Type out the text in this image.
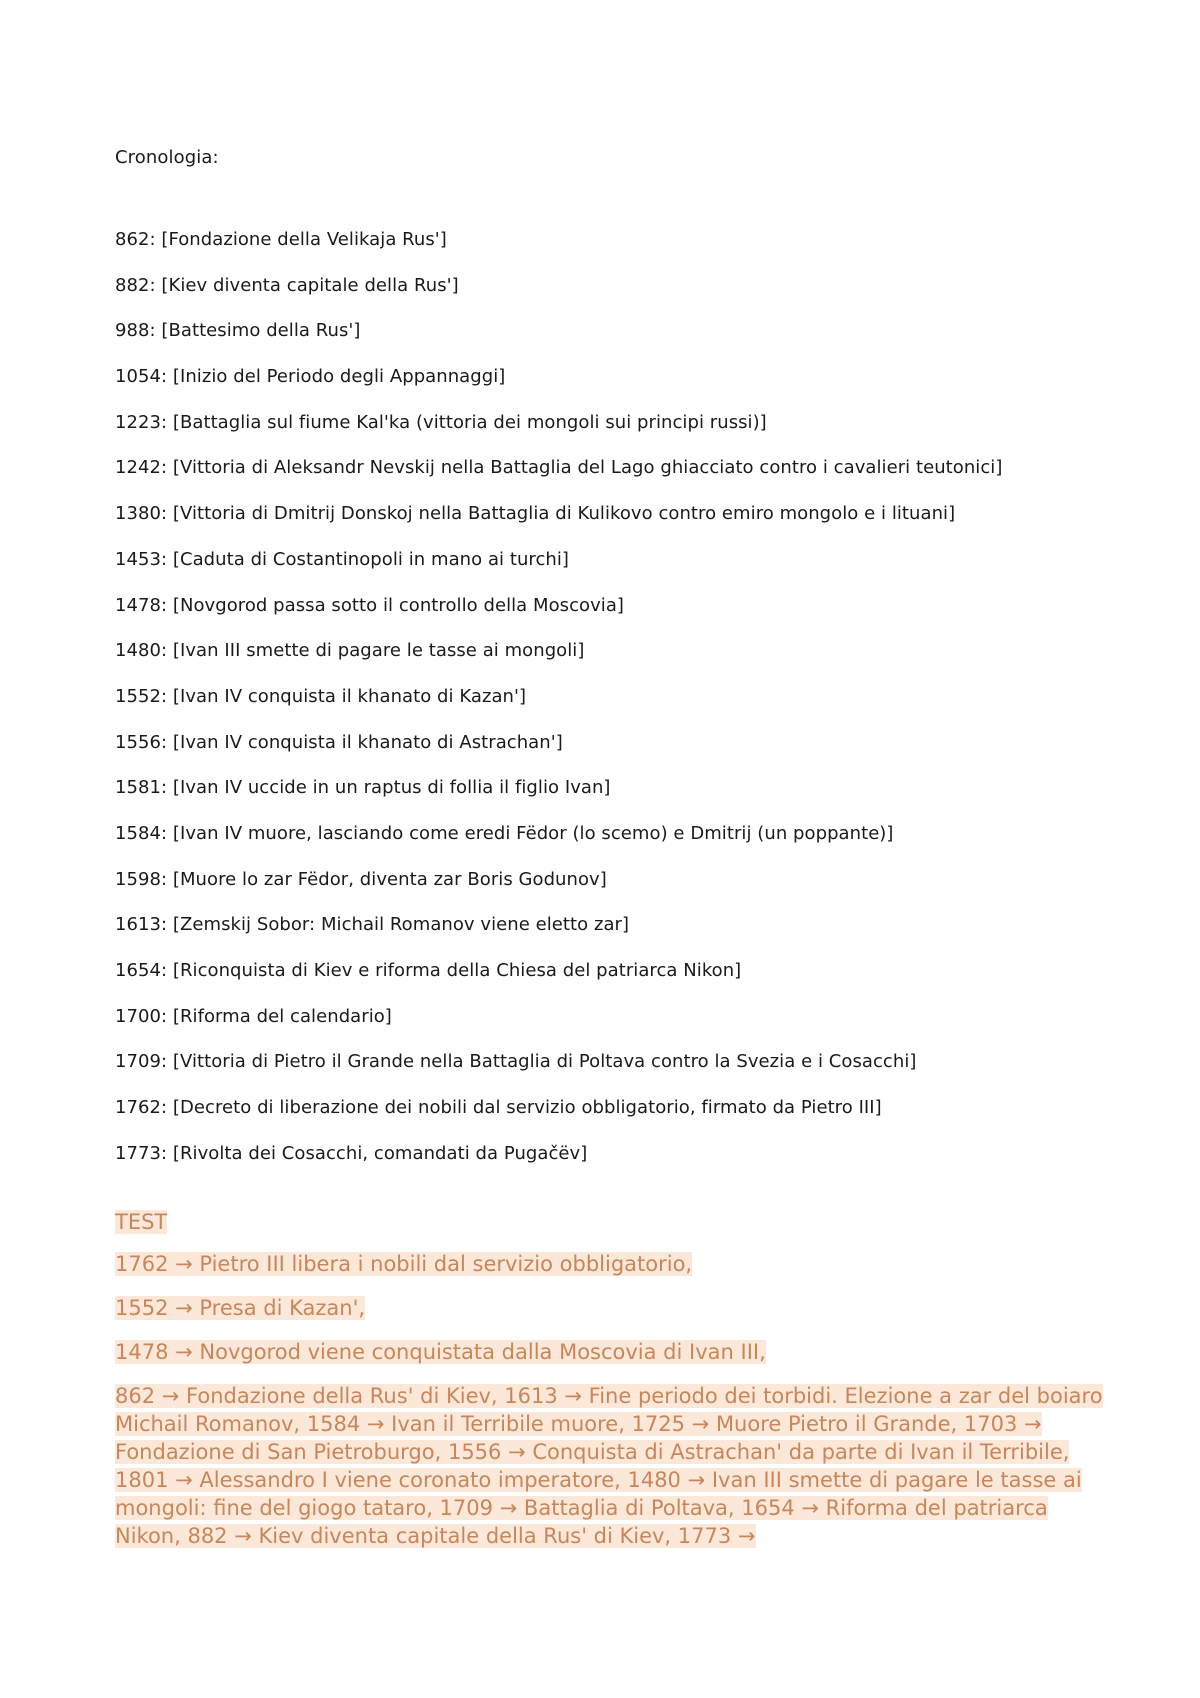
Cronologia:
862: [Fondazione della Velikaja Rus']
882: [Kiev diventa capitale della Rus']
988: [Battesimo della Rus']
1054: [Inizio del Periodo degli Appannaggi]
1223: [Battaglia sul fiume Kal'ka (vittoria dei mongoli sui principi russi)]
1242: [Vittoria di Aleksandr Nevskij nella Battaglia del Lago ghiacciato contro i cavalieri teutonici]
1380: [Vittoria di Dmitrij Donskoj nella Battaglia di Kulikovo contro emiro mongolo e i lituani]
1453: [Caduta di Costantinopoli in mano ai turchi]
1478: [Novgorod passa sotto il controllo della Moscovia]
1480: [Ivan III smette di pagare le tasse ai mongoli]
1552: [Ivan IV conquista il khanato di Kazan']
1556: [Ivan IV conquista il khanato di Astrachan']
1581: [Ivan IV uccide in un raptus di follia il figlio Ivan]
1584: [Ivan IV muore, lasciando come eredi Fëdor (lo scemo) e Dmitrij (un poppante)]
1598: [Muore lo zar Fëdor, diventa zar Boris Godunov]
1613: [Zemskij Sobor: Michail Romanov viene eletto zar]
1654: [Riconquista di Kiev e riforma della Chiesa del patriarca Nikon]
1700: [Riforma del calendario]
1709: [Vittoria di Pietro il Grande nella Battaglia di Poltava contro la Svezia e i Cosacchi]
1762: [Decreto di liberazione dei nobili dal servizio obbligatorio, firmato da Pietro III]
1773: [Rivolta dei Cosacchi, comandati da Pugačëv]
TEST
1762 → Pietro III libera i nobili dal servizio obbligatorio,
1552 → Presa di Kazan',
1478 → Novgorod viene conquistata dalla Moscovia di Ivan III,
862 → Fondazione della Rus' di Kiev, 1613 → Fine periodo dei torbidi. Elezione a zar del boiaro Michail Romanov, 1584 → Ivan il Terribile muore, 1725 → Muore Pietro il Grande, 1703 → Fondazione di San Pietroburgo, 1556 → Conquista di Astrachan' da parte di Ivan il Terribile, 1801 → Alessandro I viene coronato imperatore, 1480 → Ivan III smette di pagare le tasse ai mongoli: fine del giogo tataro, 1709 → Battaglia di Poltava, 1654 → Riforma del patriarca Nikon, 882 → Kiev diventa capitale della Rus' di Kiev, 1773 →
